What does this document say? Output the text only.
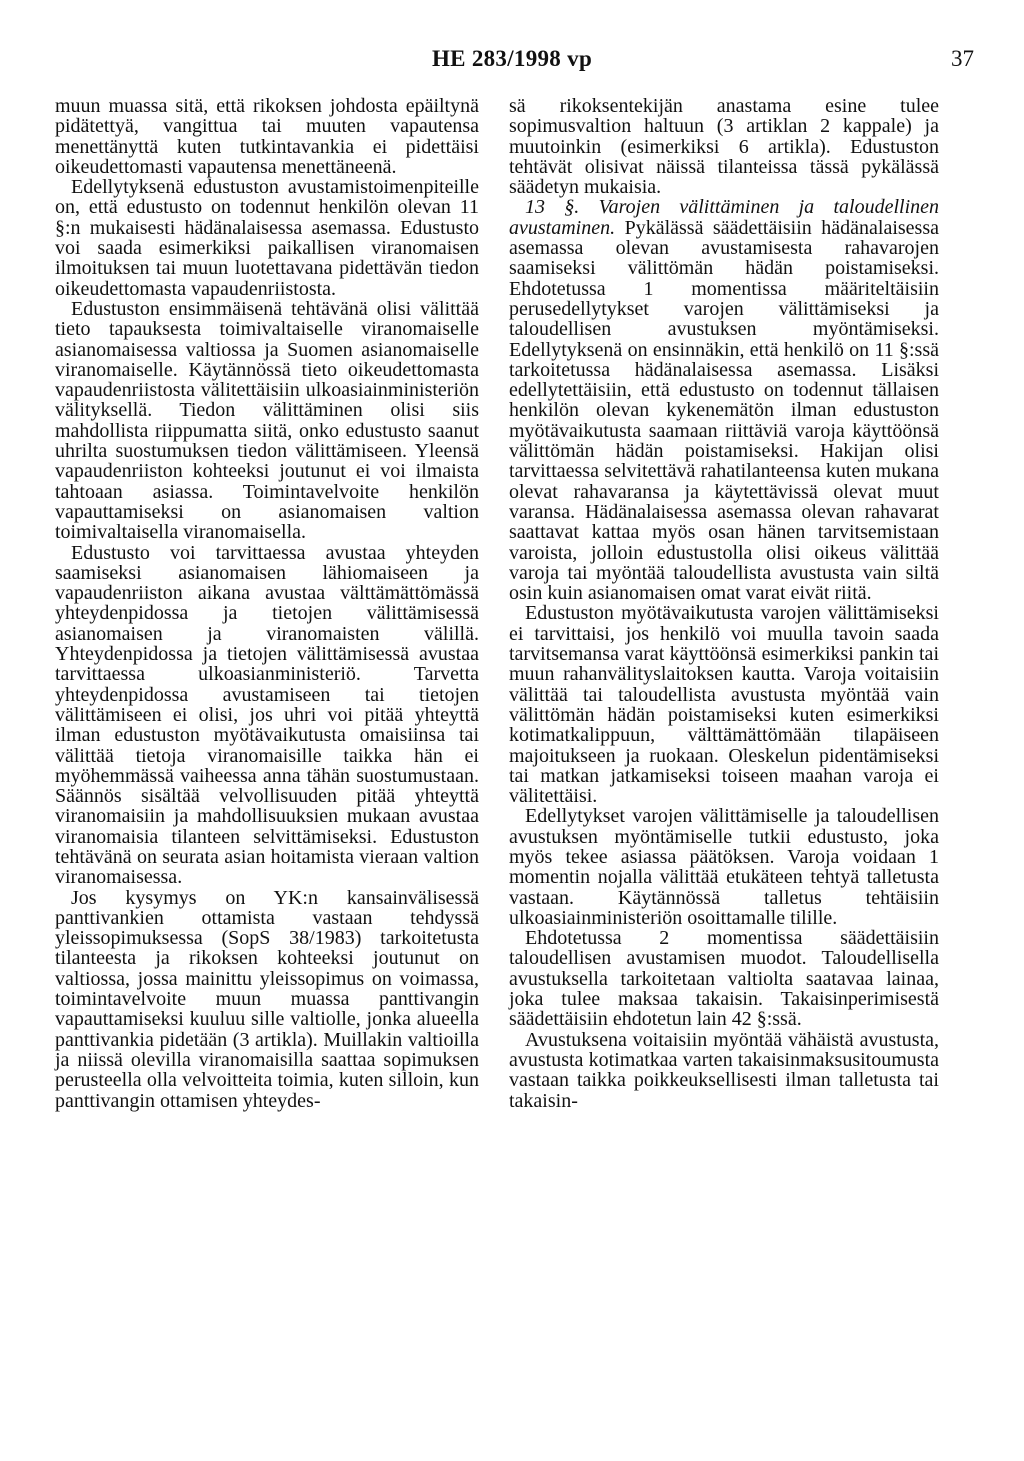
HE 283/1998 vp	37

muun muassa sitä, että rikoksen johdosta epäiltynä pidätettyä, vangittua tai muuten vapautensa menettänyttä kuten tutkintavankia ei pidettäisi oikeudettomasti vapautensa menettäneenä.

Edellytyksenä edustuston avustamistoimenpiteille on, että edustusto on todennut henkilön olevan 11 §:n mukaisesti hädänalaisessa asemassa. Edustusto voi saada esimerkiksi paikallisen viranomaisen ilmoituksen tai muun luotettavana pidettävän tiedon oikeudettomasta vapaudenriistosta.

Edustuston ensimmäisenä tehtävänä olisi välittää tieto tapauksesta toimivaltaiselle viranomaiselle asianomaisessa valtiossa ja Suomen asianomaiselle viranomaiselle. Käytännössä tieto oikeudettomasta vapaudenriistosta välitettäisiin ulkoasiainministeriön välityksellä. Tiedon välittäminen olisi siis mahdollista riippumatta siitä, onko edustusto saanut uhrilta suostumuksen tiedon välittämiseen. Yleensä vapaudenriiston kohteeksi joutunut ei voi ilmaista tahtoaan asiassa. Toimintavelvoite henkilön vapauttamiseksi on asianomaisen valtion toimivaltaisella viranomaisella.

Edustusto voi tarvittaessa avustaa yhteyden saamiseksi asianomaisen lähiomaiseen ja vapaudenriiston aikana avustaa välttämättömässä yhteydenpidossa ja tietojen välittämisessä asianomaisen ja viranomaisten välillä. Yhteydenpidossa ja tietojen välittämisessä avustaa tarvittaessa ulkoasianministeriö. Tarvetta yhteydenpidossa avustamiseen tai tietojen välittämiseen ei olisi, jos uhri voi pitää yhteyttä ilman edustuston myötävaikutusta omaisiinsa tai välittää tietoja viranomaisille taikka hän ei myöhemmässä vaiheessa anna tähän suostumustaan. Säännös sisältää velvollisuuden pitää yhteyttä viranomaisiin ja mahdollisuuksien mukaan avustaa viranomaisia tilanteen selvittämiseksi. Edustuston tehtävänä on seurata asian hoitamista vieraan valtion viranomaisessa.

Jos kysymys on YK:n kansainvälisessä panttivankien ottamista vastaan tehdyssä yleissopimuksessa (SopS 38/1983) tarkoitetusta tilanteesta ja rikoksen kohteeksi joutunut on valtiossa, jossa mainittu yleissopimus on voimassa, toimintavelvoite muun muassa panttivangin vapauttamiseksi kuuluu sille valtiolle, jonka alueella panttivankia pidetään (3 artikla). Muillakin valtioilla ja niissä olevilla viranomaisilla saattaa sopimuksen perusteella olla velvoitteita toimia, kuten silloin, kun panttivangin ottamisen yhteydes-

sä rikoksentekijän anastama esine tulee sopimusvaltion haltuun (3 artiklan 2 kappale) ja muutoinkin (esimerkiksi 6 artikla). Edustuston tehtävät olisivat näissä tilanteissa tässä pykälässä säädetyn mukaisia.

13 §. Varojen välittäminen ja taloudellinen avustaminen. Pykälässä säädettäisiin hädänalaisessa asemassa olevan avustamisesta rahavarojen saamiseksi välittömän hädän poistamiseksi. Ehdotetussa 1 momentissa määriteltäisiin perusedellytykset varojen välittämiseksi ja taloudellisen avustuksen myöntämiseksi. Edellytyksenä on ensinnäkin, että henkilö on 11 §:ssä tarkoitetussa hädänalaisessa asemassa. Lisäksi edellytettäisiin, että edustusto on todennut tällaisen henkilön olevan kykenemätön ilman edustuston myötävaikutusta saamaan riittäviä varoja käyttöönsä välittömän hädän poistamiseksi. Hakijan olisi tarvittaessa selvitettävä rahatilanteensa kuten mukana olevat rahavaransa ja käytettävissä olevat muut varansa. Hädänalaisessa asemassa olevan rahavarat saattavat kattaa myös osan hänen tarvitsemistaan varoista, jolloin edustustolla olisi oikeus välittää varoja tai myöntää taloudellista avustusta vain siltä osin kuin asianomaisen omat varat eivät riitä.

Edustuston myötävaikutusta varojen välittämiseksi ei tarvittaisi, jos henkilö voi muulla tavoin saada tarvitsemansa varat käyttöönsä esimerkiksi pankin tai muun rahanvälityslaitoksen kautta. Varoja voitaisiin välittää tai taloudellista avustusta myöntää vain välittömän hädän poistamiseksi kuten esimerkiksi kotimatkalippuun, välttämättömään tilapäiseen majoitukseen ja ruokaan. Oleskelun pidentämiseksi tai matkan jatkamiseksi toiseen maahan varoja ei välitettäisi.

Edellytykset varojen välittämiselle ja taloudellisen avustuksen myöntämiselle tutkii edustusto, joka myös tekee asiassa päätöksen. Varoja voidaan 1 momentin nojalla välittää etukäteen tehtyä talletusta vastaan. Käytännössä talletus tehtäisiin ulkoasiainministeriön osoittamalle tilille.

Ehdotetussa 2 momentissa säädettäisiin taloudellisen avustamisen muodot. Taloudellisella avustuksella tarkoitetaan valtiolta saatavaa lainaa, joka tulee maksaa takaisin. Takaisinperimisestä säädettäisiin ehdotetun lain 42 §:ssä.

Avustuksena voitaisiin myöntää vähäistä avustusta, avustusta kotimatkaa varten takaisinmaksusitoumusta vastaan taikka poikkeuksellisesti ilman talletusta tai takaisin-
